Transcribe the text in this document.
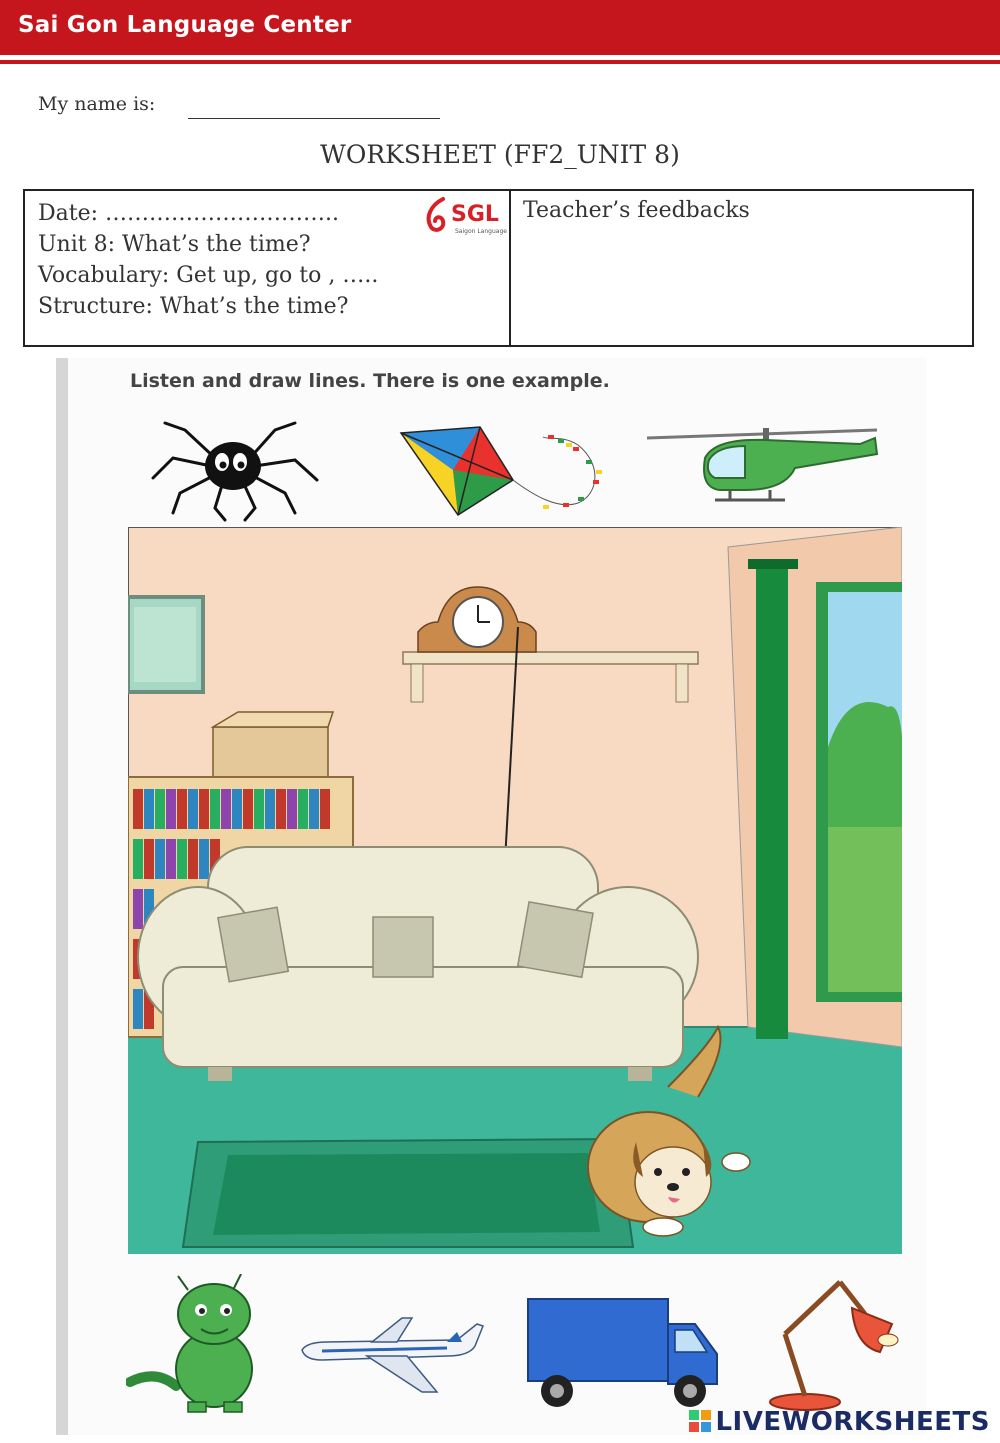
Sai Gon Language Center
My name is:
WORKSHEET (FF2_UNIT 8)
Date: …………………………..
Unit 8: What’s the time?
Vocabulary: Get up, go to , …..
Structure: What’s the time?
SGL
Saigon Language
Teacher’s feedbacks
Listen and draw lines. There is one example.
LIVEWORKSHEETS
